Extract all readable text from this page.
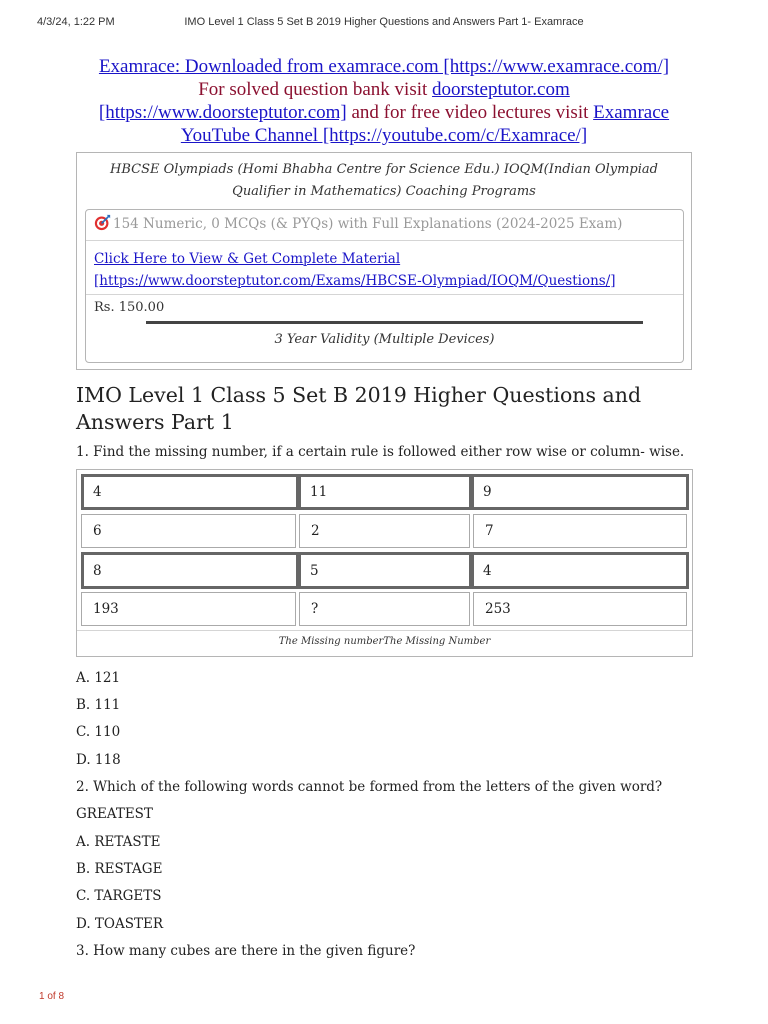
4/3/24, 1:22 PM	IMO Level 1 Class 5 Set B 2019 Higher Questions and Answers Part 1- Examrace
Examrace: Downloaded from examrace.com [https://www.examrace.com/]
For solved question bank visit doorsteptutor.com
[https://www.doorsteptutor.com] and for free video lectures visit Examrace
YouTube Channel [https://youtube.com/c/Examrace/]
HBCSE Olympiads (Homi Bhabha Centre for Science Edu.) IOQM(Indian Olympiad Qualifier in Mathematics) Coaching Programs
154 Numeric, 0 MCQs (& PYQs) with Full Explanations (2024-2025 Exam)
Click Here to View & Get Complete Material
[https://www.doorsteptutor.com/Exams/HBCSE-Olympiad/IOQM/Questions/]
Rs. 150.00
3 Year Validity (Multiple Devices)
IMO Level 1 Class 5 Set B 2019 Higher Questions and Answers Part 1
1. Find the missing number, if a certain rule is followed either row wise or column- wise.
4	11	9
6	2	7
8	5	4
193	?	253
The Missing numberThe Missing Number
A. 121
B. 111
C. 110
D. 118
2. Which of the following words cannot be formed from the letters of the given word?
GREATEST
A. RETASTE
B. RESTAGE
C. TARGETS
D. TOASTER
3. How many cubes are there in the given figure?
1 of 8
